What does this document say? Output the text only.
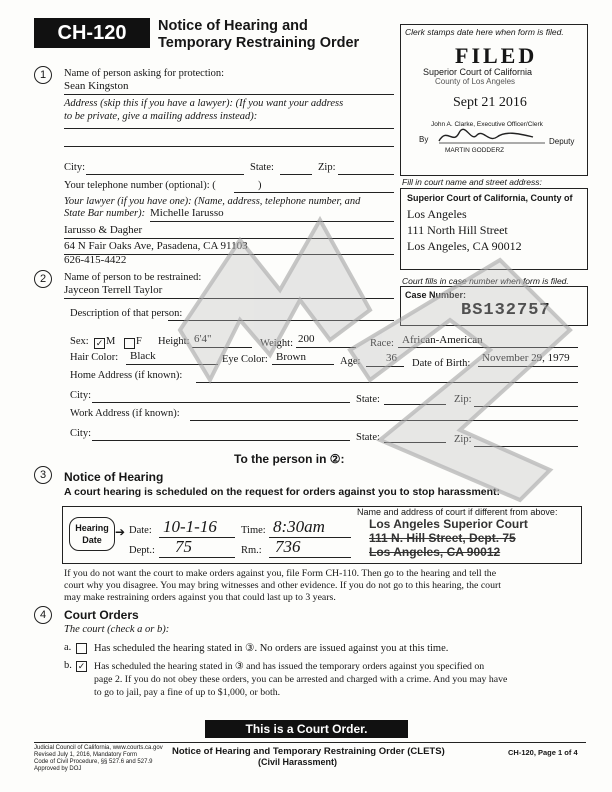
CH-120	Notice of Hearing and
Temporary Restraining Order
Clerk stamps date here when form is filed.
FILED
Superior Court of California
County of Los Angeles
Sept 21 2016
John A. Clarke, Executive Officer/Clerk
By	Deputy
MARTIN GODDERZ
Fill in court name and street address:
Superior Court of California, County of
Los Angeles
111 North Hill Street
Los Angeles, CA 90012
Court fills in case number when form is filed.
Case Number:
BS132757
1	Name of person asking for protection:
Sean Kingston
Address (skip this if you have a lawyer): (If you want your address
to be private, give a mailing address instead):
City:	State:	Zip:
Your telephone number (optional): (	)
Your lawyer (if you have one): (Name, address, telephone number, and
State Bar number): Michelle Iarusso
Iarusso & Dagher
64 N Fair Oaks Ave, Pasadena, CA 91103
626-415-4422
2	Name of person to be restrained:
Jayceon Terrell Taylor
Description of that person:
Sex: ✓ M F Height: 6'4"	Weight: 200	Race: African-American
Hair Color: Black	Eye Color: Brown	Age: 36 Date of Birth: November 29, 1979
Home Address (if known):
City:	State:	Zip:
Work Address (if known):
City:	State:	Zip:
To the person in ②:
3	Notice of Hearing
A court hearing is scheduled on the request for orders against you to stop harassment:
Hearing
Date
➔ Date: 10-1-16 Time: 8:30am
Dept.: 75	Rm.: 736
Name and address of court if different from above:
Los Angeles Superior Court
111 N. Hill Street, Dept. 75
Los Angeles, CA 90012
If you do not want the court to make orders against you, file Form CH-110. Then go to the hearing and tell the
court why you disagree. You may bring witnesses and other evidence. If you do not go to this hearing, the court
may make restraining orders against you that could last up to 3 years.
4	Court Orders
The court (check a or b):
a. Has scheduled the hearing stated in ③. No orders are issued against you at this time.
b. ✓ Has scheduled the hearing stated in ③ and has issued the temporary orders against you specified on
page 2. If you do not obey these orders, you can be arrested and charged with a crime. And you may have
to go to jail, pay a fine of up to $1,000, or both.
This is a Court Order.
Judicial Council of California, www.courts.ca.gov
Revised July 1, 2016, Mandatory Form
Code of Civil Procedure, §§ 527.6 and 527.9
Approved by DOJ
Notice of Hearing and Temporary Restraining Order (CLETS)
(Civil Harassment)
CH-120, Page 1 of 4
